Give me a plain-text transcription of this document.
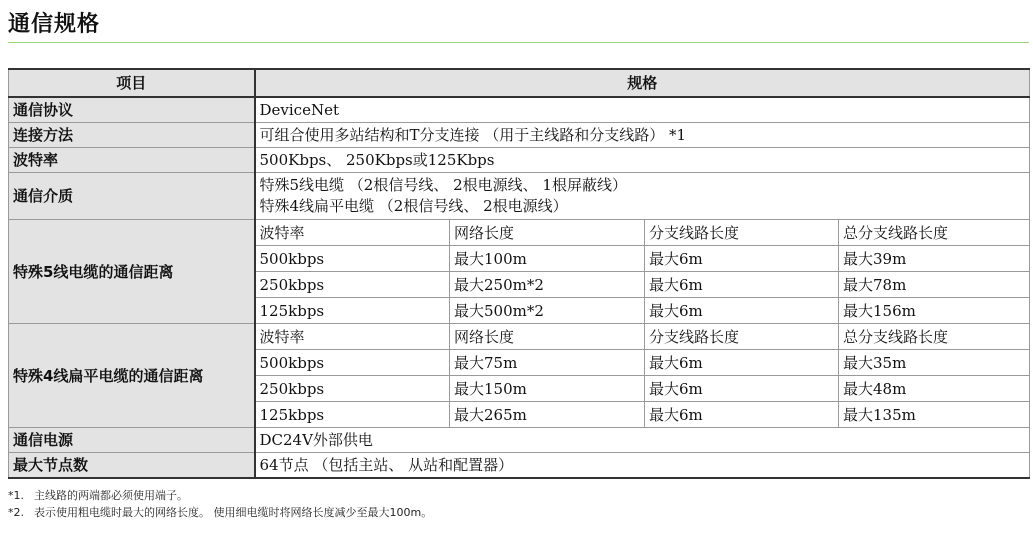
通信规格
项目	规格			
通信协议	DeviceNet			
连接方法	可组合使用多站结构和T分支连接 （用于主线路和分支线路） *1			
波特率	500Kbps、 250Kbps或125Kbps			
通信介质	特殊5线电缆 （2根信号线、 2根电源线、 1根屏蔽线）
特殊4线扁平电缆 （2根信号线、 2根电源线）			

特殊5线电缆的通信距离	波特率	网络长度	分支线路长度	总分支线路长度
	500kbps	最大100m	最大6m	最大39m
	250kbps	最大250m*2	最大6m	最大78m
	125kbps	最大500m*2	最大6m	最大156m
特殊4线扁平电缆的通信距离	波特率	网络长度	分支线路长度	总分支线路长度
	500kbps	最大75m	最大6m	最大35m
	250kbps	最大150m	最大6m	最大48m
	125kbps	最大265m	最大6m	最大135m
通信电源	DC24V外部供电			
最大节点数	64节点 （包括主站、 从站和配置器）			
*1. 主线路的两端都必须使用端子。
*2. 表示使用粗电缆时最大的网络长度。 使用细电缆时将网络长度减少至最大100m。
